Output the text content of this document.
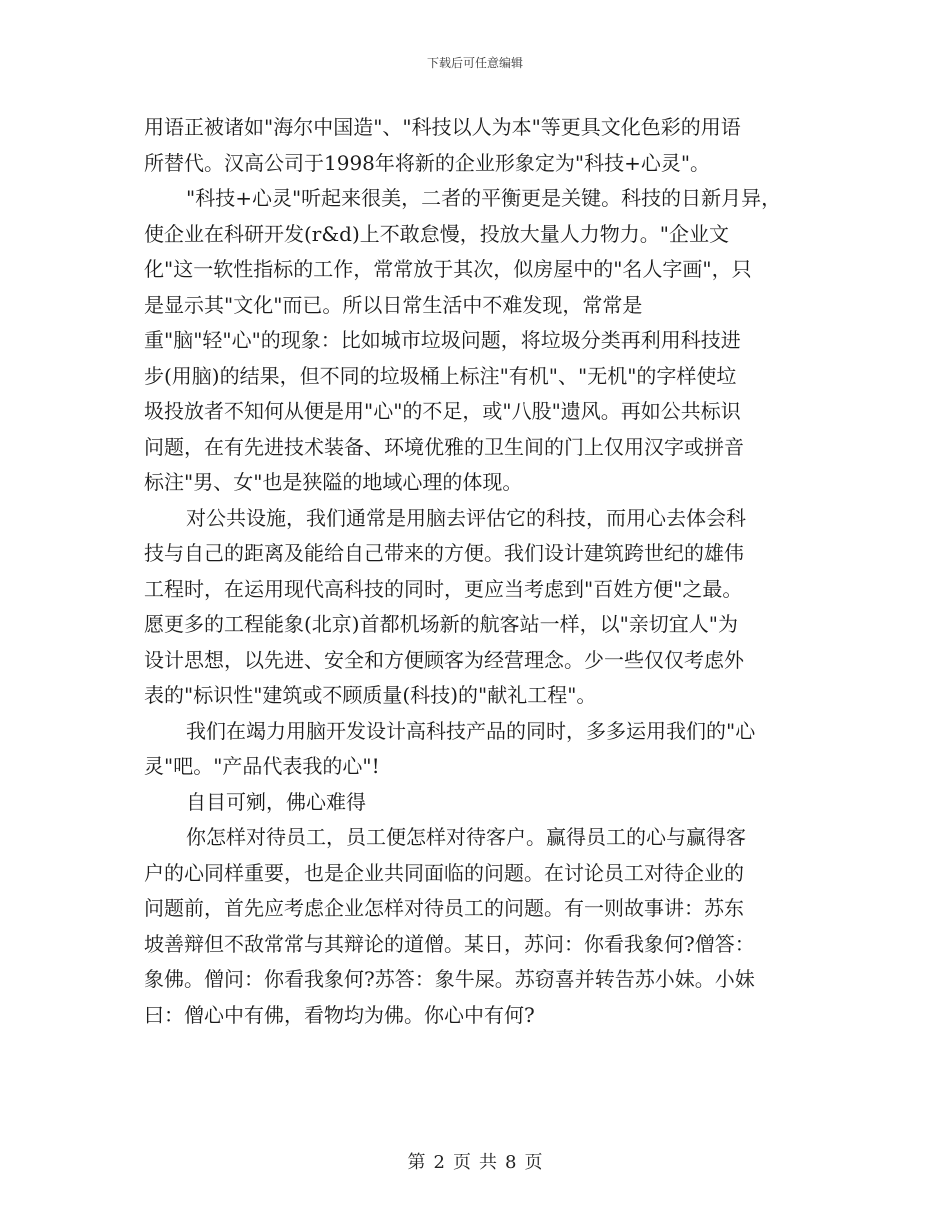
下载后可任意编辑
用语正被诸如"海尔中国造"、"科技以人为本"等更具文化色彩的用语
所替代。汉高公司于1998年将新的企业形象定为"科技+心灵"。
"科技+心灵"听起来很美，二者的平衡更是关键。科技的日新月异，
使企业在科研开发(r&d)上不敢怠慢，投放大量人力物力。"企业文
化"这一软性指标的工作，常常放于其次，似房屋中的"名人字画"，只
是显示其"文化"而已。所以日常生活中不难发现，常常是
重"脑"轻"心"的现象：比如城市垃圾问题，将垃圾分类再利用科技进
步(用脑)的结果，但不同的垃圾桶上标注"有机"、"无机"的字样使垃
圾投放者不知何从便是用"心"的不足，或"八股"遗风。再如公共标识
问题，在有先进技术装备、环境优雅的卫生间的门上仅用汉字或拼音
标注"男、女"也是狭隘的地域心理的体现。
对公共设施，我们通常是用脑去评估它的科技，而用心去体会科
技与自己的距离及能给自己带来的方便。我们设计建筑跨世纪的雄伟
工程时，在运用现代高科技的同时，更应当考虑到"百姓方便"之最。
愿更多的工程能象(北京)首都机场新的航客站一样，以"亲切宜人"为
设计思想，以先进、安全和方便顾客为经营理念。少一些仅仅考虑外
表的"标识性"建筑或不顾质量(科技)的"献礼工程"。
我们在竭力用脑开发设计高科技产品的同时，多多运用我们的"心
灵"吧。"产品代表我的心"!
自目可剜，佛心难得
你怎样对待员工，员工便怎样对待客户。赢得员工的心与赢得客
户的心同样重要，也是企业共同面临的问题。在讨论员工对待企业的
问题前，首先应考虑企业怎样对待员工的问题。有一则故事讲：苏东
坡善辩但不敌常常与其辩论的道僧。某日，苏问：你看我象何?僧答：
象佛。僧问：你看我象何?苏答：象牛屎。苏窃喜并转告苏小妹。小妹
曰：僧心中有佛，看物均为佛。你心中有何?
第 2 页 共 8 页
